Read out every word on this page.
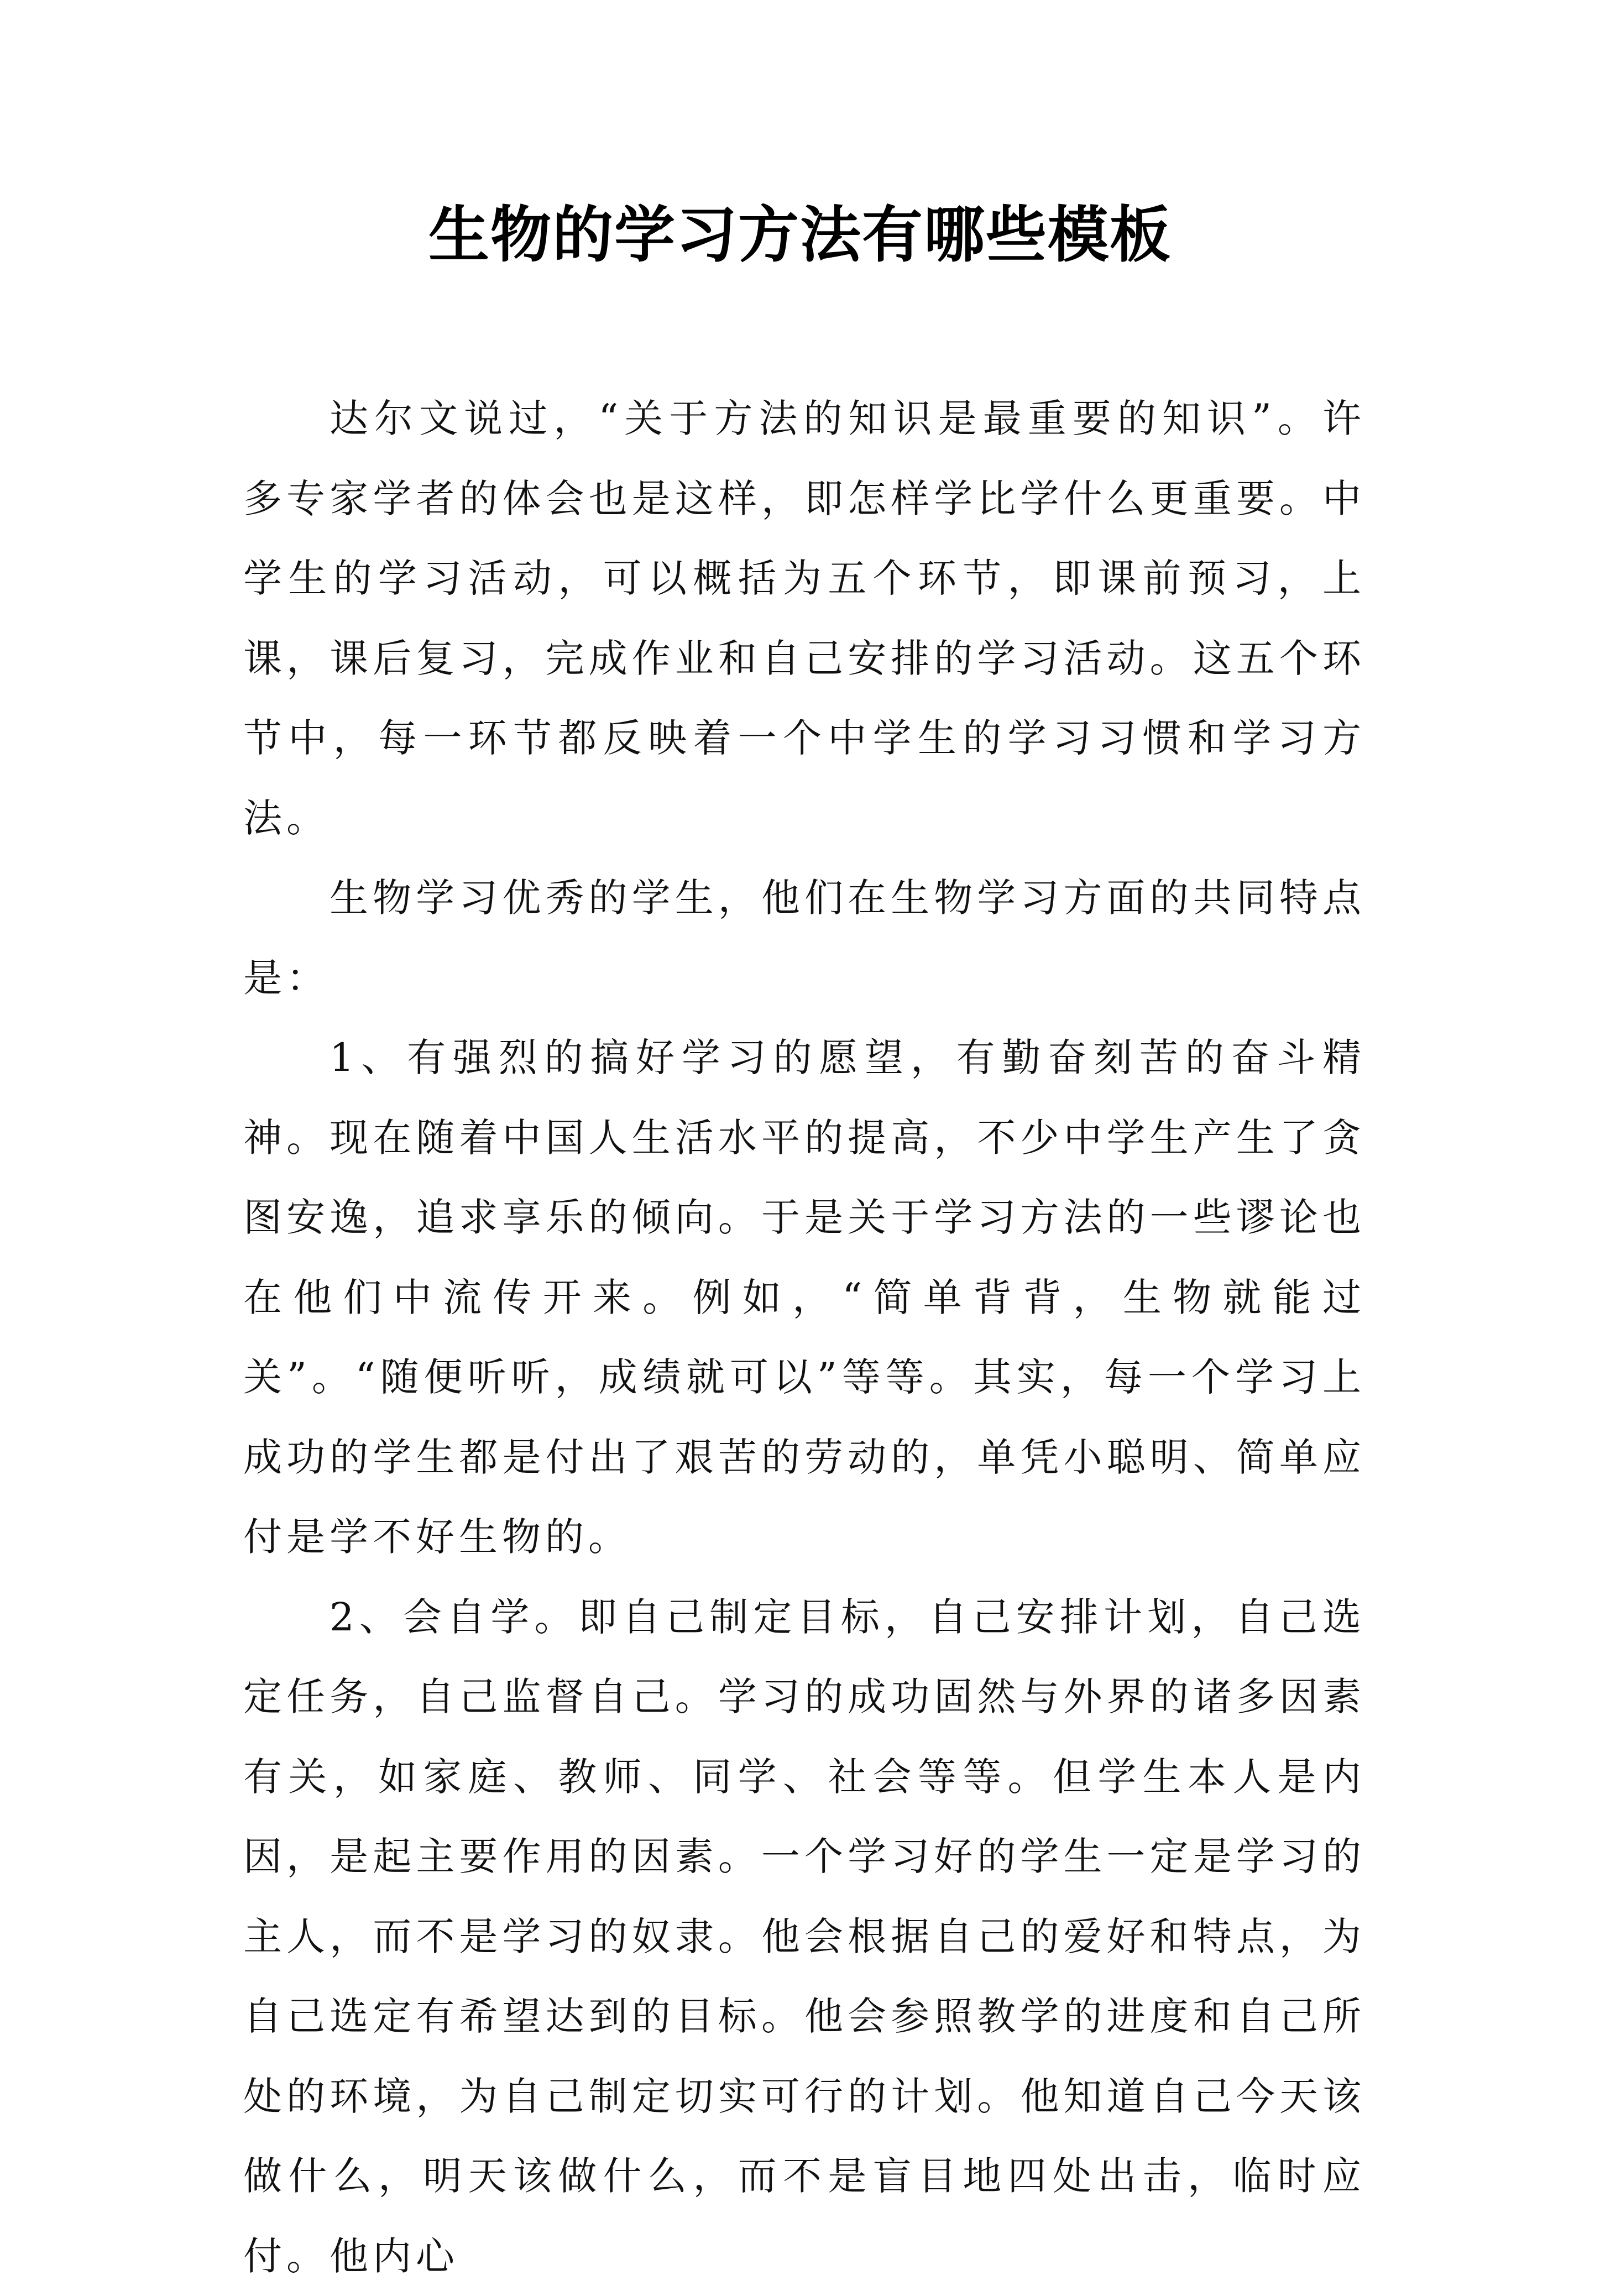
生物的学习方法有哪些模板

达尔文说过，“关于方法的知识是最重要的知识”。许多专家学者的体会也是这样，即怎样学比学什么更重要。中学生的学习活动，可以概括为五个环节，即课前预习，上课，课后复习，完成作业和自己安排的学习活动。这五个环节中，每一环节都反映着一个中学生的学习习惯和学习方法。

生物学习优秀的学生，他们在生物学习方面的共同特点是：

1、有强烈的搞好学习的愿望，有勤奋刻苦的奋斗精神。现在随着中国人生活水平的提高，不少中学生产生了贪图安逸，追求享乐的倾向。于是关于学习方法的一些谬论也在他们中流传开来。例如，“简单背背，生物就能过关”。“随便听听，成绩就可以”等等。其实，每一个学习上成功的学生都是付出了艰苦的劳动的，单凭小聪明、简单应付是学不好生物的。

2、会自学。即自己制定目标，自己安排计划，自己选定任务，自己监督自己。学习的成功固然与外界的诸多因素有关，如家庭、教师、同学、社会等等。但学生本人是内因，是起主要作用的因素。一个学习好的学生一定是学习的主人，而不是学习的奴隶。他会根据自己的爱好和特点，为自己选定有希望达到的目标。他会参照教学的进度和自己所处的环境，为自己制定切实可行的计划。他知道自己今天该做什么，明天该做什么，而不是盲目地四处出击，临时应付。他内心
